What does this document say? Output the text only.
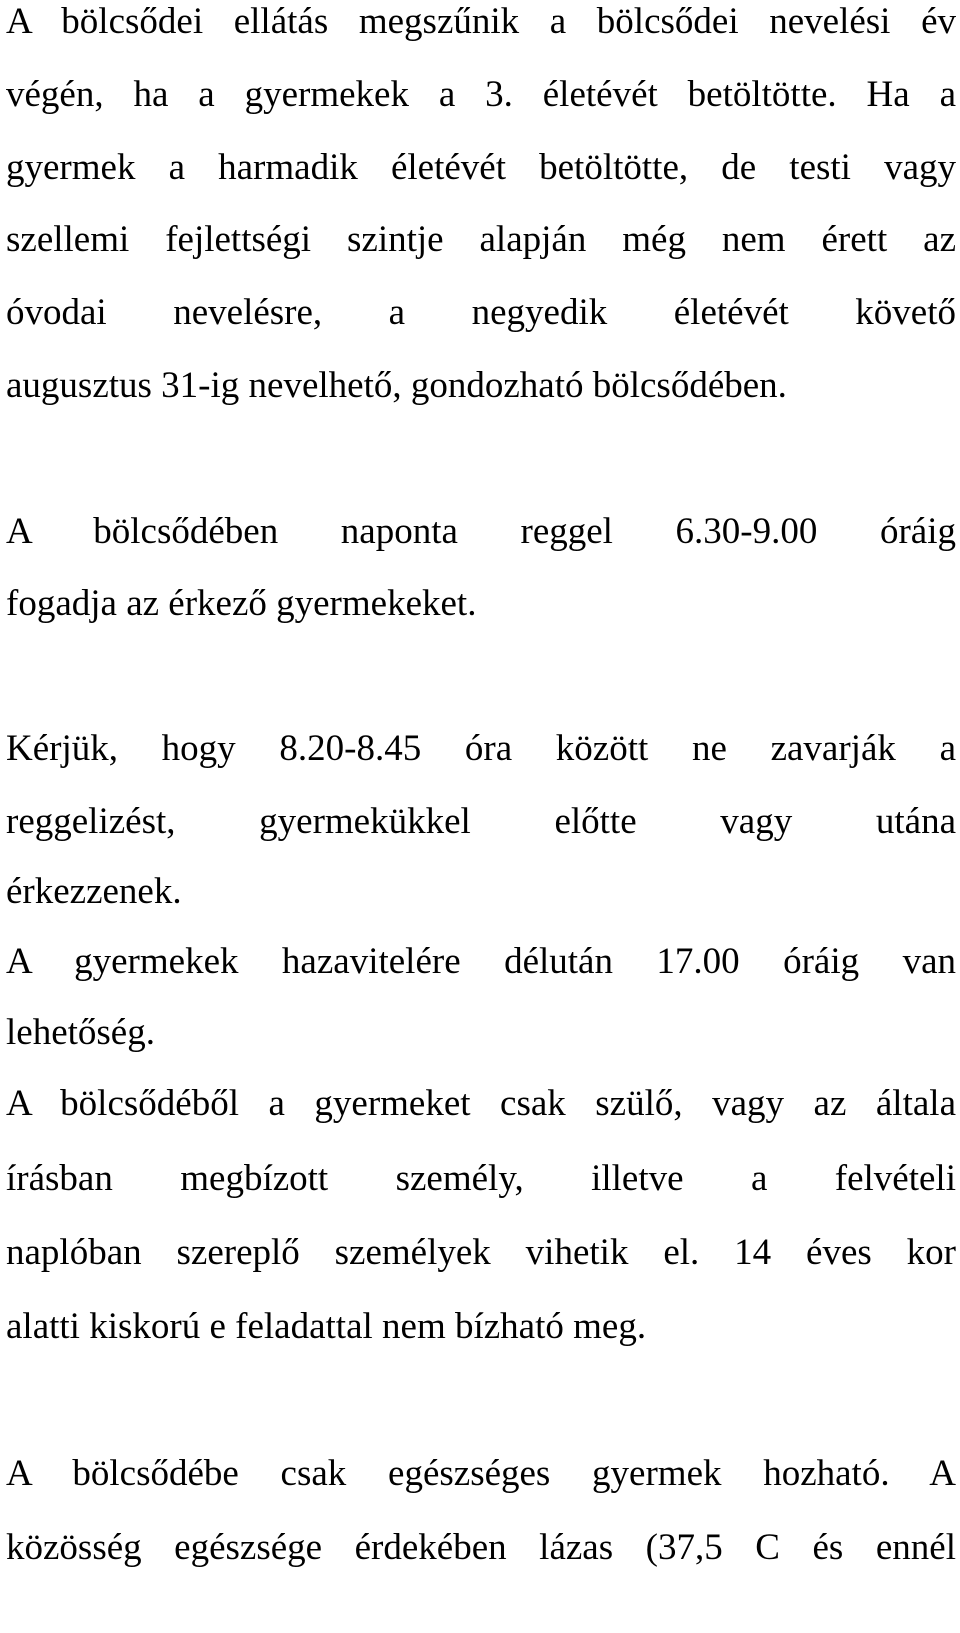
A bölcsődei ellátás megszűnik a bölcsődei nevelési év
végén, ha a gyermekek a 3. életévét betöltötte. Ha a
gyermek a harmadik életévét betöltötte, de testi vagy
szellemi fejlettségi szintje alapján még nem érett az
óvodai nevelésre, a negyedik életévét követő
augusztus 31-ig nevelhető, gondozható bölcsődében.
A bölcsődében naponta reggel 6.30-9.00 óráig
fogadja az érkező gyermekeket.
Kérjük, hogy 8.20-8.45 óra között ne zavarják a
reggelizést, gyermekükkel előtte vagy utána
érkezzenek.
A gyermekek hazavitelére délután 17.00 óráig van
lehetőség.
A bölcsődéből a gyermeket csak szülő, vagy az általa
írásban megbízott személy, illetve a felvételi
naplóban szereplő személyek vihetik el. 14 éves kor
alatti kiskorú e feladattal nem bízható meg.
A bölcsődébe csak egészséges gyermek hozható. A
közösség egészsége érdekében lázas (37,5 C és ennél
